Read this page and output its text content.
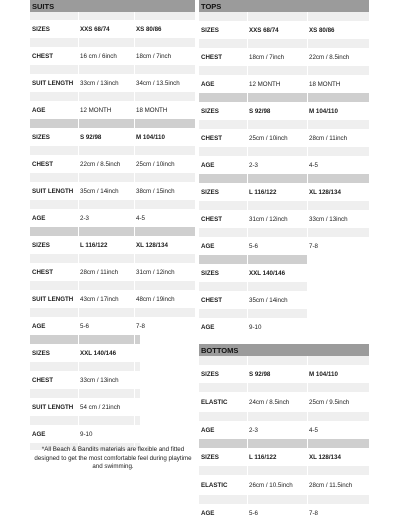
SUITS
SIZES	XXS 68/74	XS 80/86
CHEST	16 cm / 6inch	18cm / 7inch
SUIT LENGTH	33cm / 13inch	34cm / 13.5inch
AGE	12 MONTH	18 MONTH
SIZES	S 92/98	M 104/110
CHEST	22cm / 8.5inch	25cm / 10inch
SUIT LENGTH	35cm / 14inch	38cm / 15inch
AGE	2-3	4-5
SIZES	L 116/122	XL 128/134
CHEST	28cm / 11inch	31cm / 12inch
SUIT LENGTH	43cm / 17inch	48cm / 19inch
AGE	5-6	7-8
SIZES	XXL 140/146
CHEST	33cm / 13inch
SUIT LENGTH	54 cm / 21inch
AGE	9-10
TOPS
SIZES	XXS 68/74	XS 80/86
CHEST	18cm / 7inch	22cm / 8.5inch
AGE	12 MONTH	18 MONTH
SIZES	S 92/98	M 104/110
CHEST	25cm / 10inch	28cm / 11inch
AGE	2-3	4-5
SIZES	L 116/122	XL 128/134
CHEST	31cm / 12inch	33cm / 13inch
AGE	5-6	7-8
SIZES	XXL 140/146
CHEST	35cm / 14inch
AGE	9-10
BOTTOMS
SIZES	S 92/98	M 104/110
ELASTIC	24cm / 8.5inch	25cm / 9.5inch
AGE	2-3	4-5
SIZES	L 116/122	XL 128/134
ELASTIC	26cm / 10.5inch	28cm / 11.5inch
AGE	5-6	7-8
*All Beach & Bandits materials are flexible and fitted designed to get the most comfortable feel during playtime and swimming.
